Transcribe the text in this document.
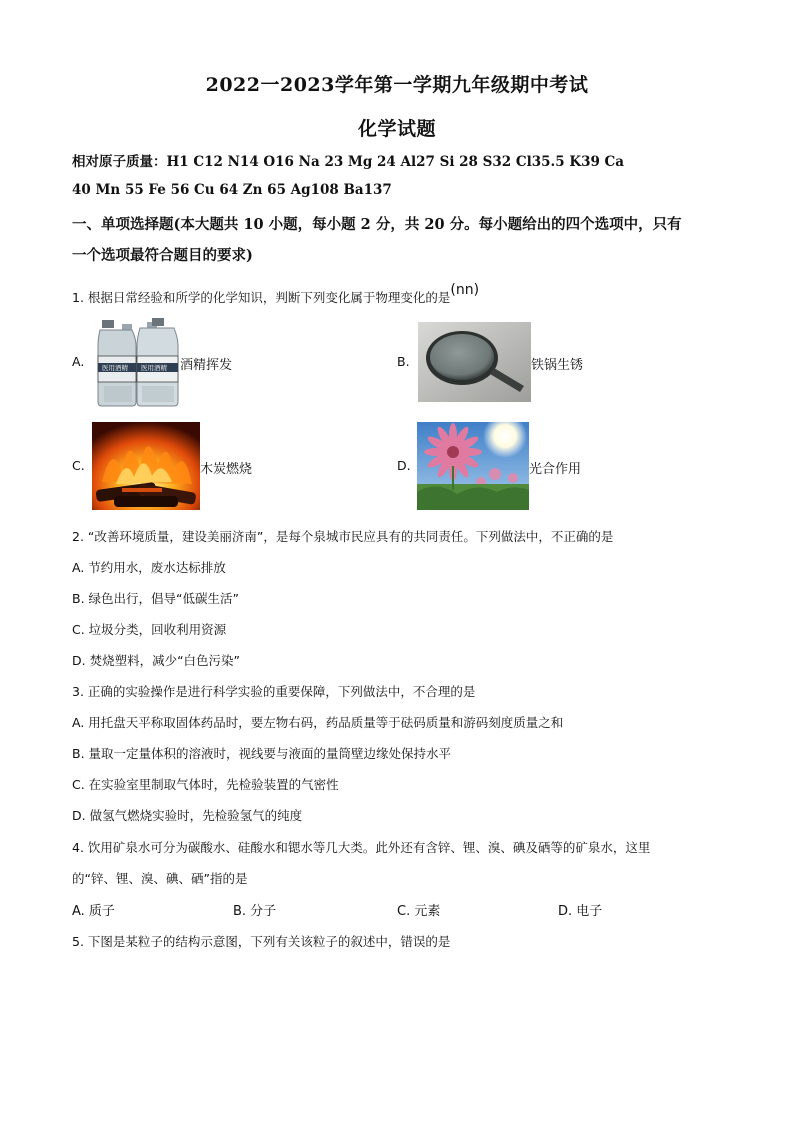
2022一2023学年第一学期九年级期中考试
化学试题
相对原子质量：H1 C12 N14 O16 Na 23 Mg 24 Al27 Si 28 S32 Cl35.5 K39 Ca
40 Mn 55 Fe 56 Cu 64 Zn 65 Ag108 Ba137
一、单项选择题(本大题共 10 小题，每小题 2 分，共 20 分。每小题给出的四个选项中，只有
一个选项最符合题目的要求)
1. 根据日常经验和所学的化学知识，判断下列变化属于物理变化的是(nn)
A.	医用酒精 医用酒精 酒精挥发	B.	铁锅生锈
C.	木炭燃烧	D.	光合作用
2. “改善环境质量，建设美丽济南”，是每个泉城市民应具有的共同责任。下列做法中，不正确的是
A. 节约用水，废水达标排放
B. 绿色出行，倡导“低碳生活”
C. 垃圾分类，回收利用资源
D. 焚烧塑料，减少“白色污染”
3. 正确的实验操作是进行科学实验的重要保障，下列做法中，不合理的是
A. 用托盘天平称取固体药品时，要左物右码，药品质量等于砝码质量和游码刻度质量之和
B. 量取一定量体积的溶液时，视线要与液面的量筒壁边缘处保持水平
C. 在实验室里制取气体时，先检验装置的气密性
D. 做氢气燃烧实验时，先检验氢气的纯度
4. 饮用矿泉水可分为碳酸水、硅酸水和锶水等几大类。此外还有含锌、锂、溴、碘及硒等的矿泉水，这里
的“锌、锂、溴、碘、硒”指的是
A. 质子	B. 分子	C. 元素	D. 电子
5. 下图是某粒子的结构示意图，下列有关该粒子的叙述中，错误的是
